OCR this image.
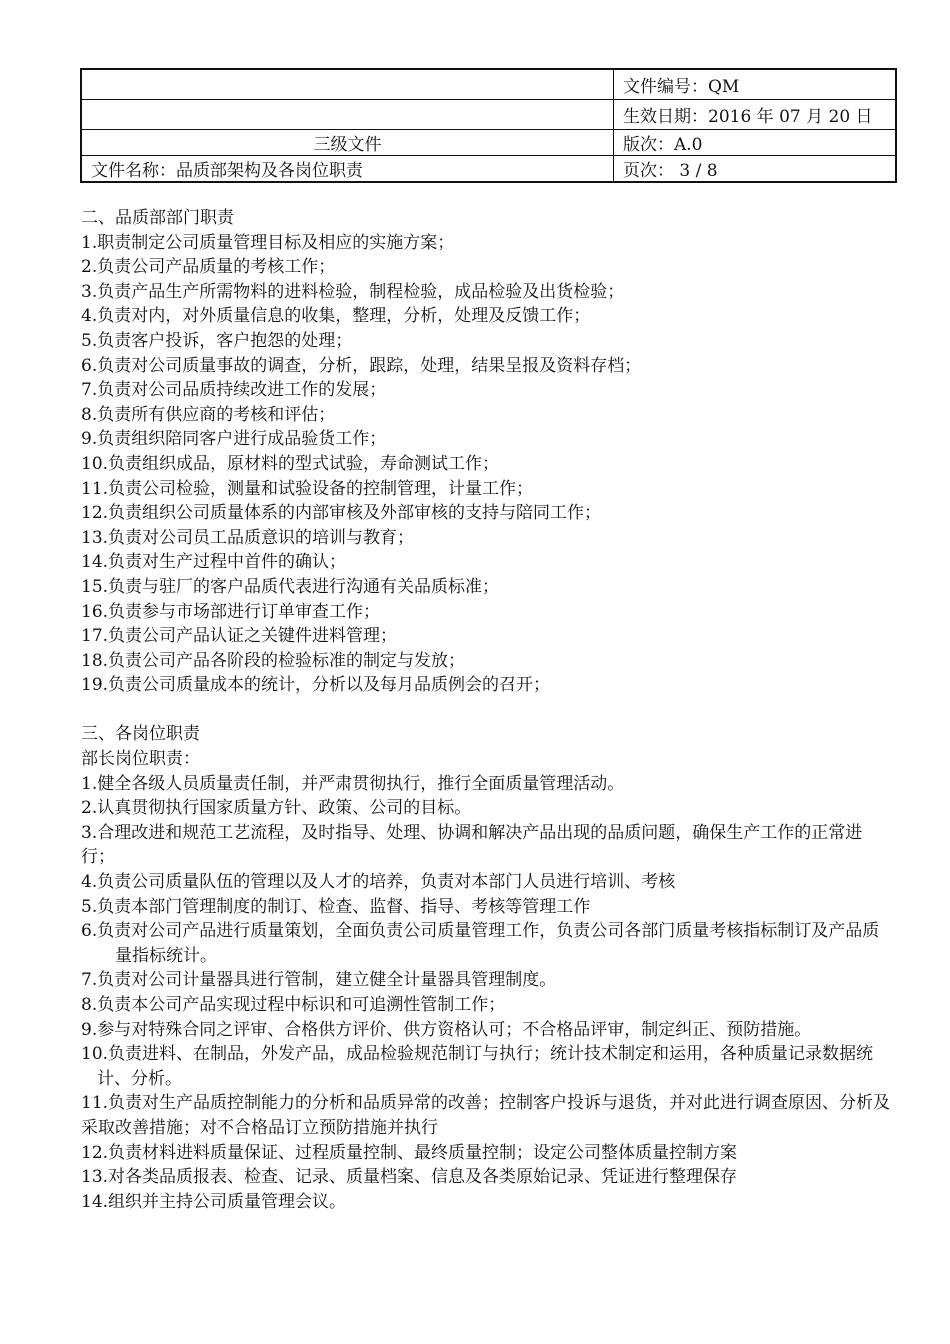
	文件编号：QM
	生效日期：2016 年 07 月 20 日
三级文件	版次：A.0
文件名称：品质部架构及各岗位职责	页次： 3 / 8

二、品质部部门职责

1.职责制定公司质量管理目标及相应的实施方案；

2.负责公司产品质量的考核工作；

3.负责产品生产所需物料的进料检验，制程检验，成品检验及出货检验；

4.负责对内，对外质量信息的收集，整理，分析，处理及反馈工作；

5.负责客户投诉，客户抱怨的处理；

6.负责对公司质量事故的调查，分析，跟踪，处理，结果呈报及资料存档；

7.负责对公司品质持续改进工作的发展；

8.负责所有供应商的考核和评估；

9.负责组织陪同客户进行成品验货工作；

10.负责组织成品，原材料的型式试验，寿命测试工作；

11.负责公司检验，测量和试验设备的控制管理，计量工作；

12.负责组织公司质量体系的内部审核及外部审核的支持与陪同工作；

13.负责对公司员工品质意识的培训与教育；

14.负责对生产过程中首件的确认；

15.负责与驻厂的客户品质代表进行沟通有关品质标准；

16.负责参与市场部进行订单审查工作；

17.负责公司产品认证之关键件进料管理；

18.负责公司产品各阶段的检验标准的制定与发放；

19.负责公司质量成本的统计，分析以及每月品质例会的召开；

三、各岗位职责

部长岗位职责：

1.健全各级人员质量责任制，并严肃贯彻执行，推行全面质量管理活动。

2.认真贯彻执行国家质量方针、政策、公司的目标。

3.合理改进和规范工艺流程，及时指导、处理、协调和解决产品出现的品质问题，确保生产工作的正常进行；

4.负责公司质量队伍的管理以及人才的培养，负责对本部门人员进行培训、考核

5.负责本部门管理制度的制订、检查、监督、指导、考核等管理工作

6.负责对公司产品进行质量策划，全面负责公司质量管理工作，负责公司各部门质量考核指标制订及产品质量指标统计。

7.负责对公司计量器具进行管制，建立健全计量器具管理制度。

8.负责本公司产品实现过程中标识和可追溯性管制工作；

9.参与对特殊合同之评审、合格供方评价、供方资格认可；不合格品评审，制定纠正、预防措施。

10.负责进料、在制品，外发产品，成品检验规范制订与执行；统计技术制定和运用，各种质量记录数据统计、分析。

11.负责对生产品质控制能力的分析和品质异常的改善；控制客户投诉与退货，并对此进行调查原因、分析及采取改善措施；对不合格品订立预防措施并执行

12.负责材料进料质量保证、过程质量控制、最终质量控制；设定公司整体质量控制方案

13.对各类品质报表、检查、记录、质量档案、信息及各类原始记录、凭证进行整理保存

14.组织并主持公司质量管理会议。
